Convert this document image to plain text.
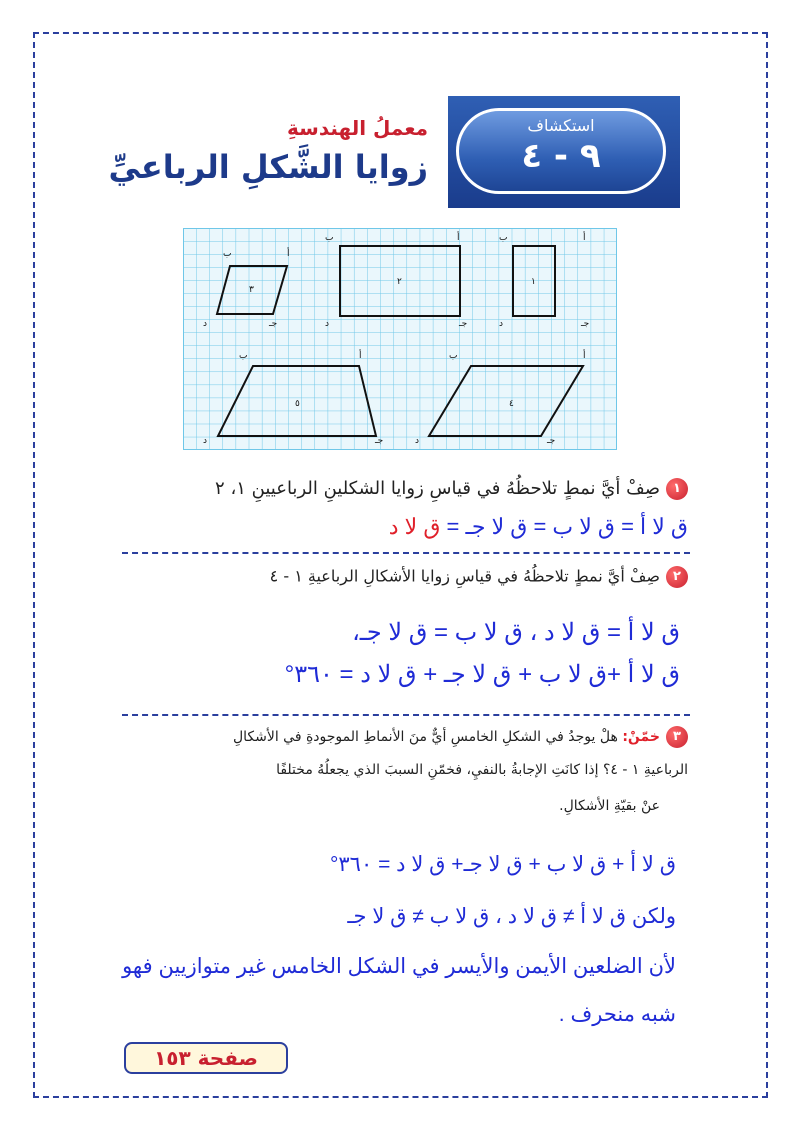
استكشاف
٩ - ٤
معملُ الهندسةِ
زوايا الشَّكلِ الرباعيِّ
١
٢
٣
٤
٥
أ
ب
جـ
د
أ
ب
جـ
د
أ
ب
جـ
د
أ
ب
جـ
د
أ
ب
جـ
د
١صِفْ أيَّ نمطٍ تلاحظُهُ في قياسِ زوايا الشكلينِ الرباعيينِ ١، ٢
ق لا أ = ق لا ب = ق لا جـ = ق لا د
٢صِفْ أيَّ نمطٍ تلاحظُهُ في قياسِ زوايا الأشكالِ الرباعيةِ ١ - ٤
ق لا أ = ق لا د ، ق لا ب = ق لا جـ،
ق لا أ +ق لا ب + ق لا جـ + ق لا د = ٣٦٠°
٣خمّنْ: هلْ يوجدُ في الشكلِ الخامسِ أيٌّ منَ الأنماطِ الموجودةِ في الأشكالِ
الرباعيةِ ١ - ٤؟ إذا كانَتِ الإجابةُ بالنفيِ، فخمّنِ السببَ الذي يجعلُهُ مختلفًا
عنْ بقيّةِ الأشكالِ.
ق لا أ + ق لا ب + ق لا جـ+ ق لا د = ٣٦٠°
ولكن ق لا أ ≠ ق لا د ، ق لا ب ≠ ق لا جـ
لأن الضلعين الأيمن والأيسر في الشكل الخامس غير متوازيين فهو
شبه منحرف .
صفحة ١٥٣
